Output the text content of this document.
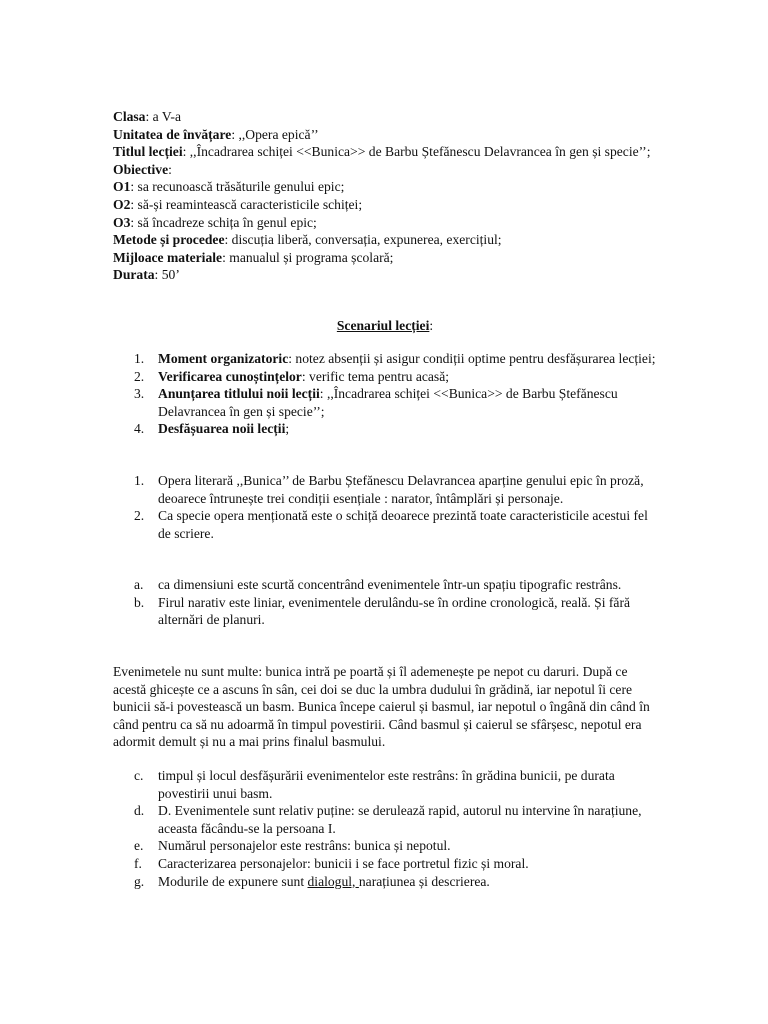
Clasa: a V-a

Unitatea de învățare: ,,Opera epică’’

Titlul lecției: ,,Încadrarea schiței <<Bunica>> de Barbu Ștefănescu Delavrancea în gen și specie’’;

Obiective:

O1: sa recunoască trăsăturile genului epic;

O2: să-și reamintească caracteristicile schiței;

O3: să încadreze schița în genul epic;

Metode și procedee: discuția liberă, conversația, expunerea, exercițiul;

Mijloace materiale: manualul și programa școlară;

Durata: 50’

Scenariul lecției:

1. Moment organizatoric: notez absenții și asigur condiții optime pentru desfășurarea lecției;
2. Verificarea cunoștințelor: verific tema pentru acasă;
3. Anunțarea titlului noii lecții: ,,Încadrarea schiței <<Bunica>> de Barbu Ștefănescu Delavrancea în gen și specie’’;
4. Desfășuarea noii lecții;
1. Opera literară ,,Bunica’’ de Barbu Ștefănescu Delavrancea aparține genului epic în proză, deoarece întrunește trei condiții esențiale : narator, întâmplări și personaje.
2. Ca specie opera menționată este o schiță deoarece prezintă toate caracteristicile acestui fel de scriere.
a. ca dimensiuni este scurtă concentrând evenimentele într-un spațiu tipografic restrâns.
b. Firul narativ este liniar, evenimentele derulându-se în ordine cronologică, reală. Și fără alternări de planuri.

Evenimetele nu sunt multe: bunica intră pe poartă și îl ademenește pe nepot cu daruri. După ce acestă ghicește ce a ascuns în sân, cei doi se duc la umbra dudului în grădină, iar nepotul îi cere bunicii să-i povestească un basm. Bunica începe caierul și basmul, iar nepotul o îngână din când în când pentru ca să nu adoarmă în timpul povestirii. Când basmul și caierul se sfârșesc, nepotul era adormit demult și nu a mai prins finalul basmului.

c. timpul și locul desfășurării evenimentelor este restrâns: în grădina bunicii, pe durata povestirii unui basm.
d. D. Evenimentele sunt relativ puține: se derulează rapid, autorul nu intervine în narațiune, aceasta făcându-se la persoana I.
e. Numărul personajelor este restrâns: bunica și nepotul.
f. Caracterizarea personajelor: bunicii i se face portretul fizic și moral.
g. Modurile de expunere sunt dialogul, narațiunea și descrierea.
